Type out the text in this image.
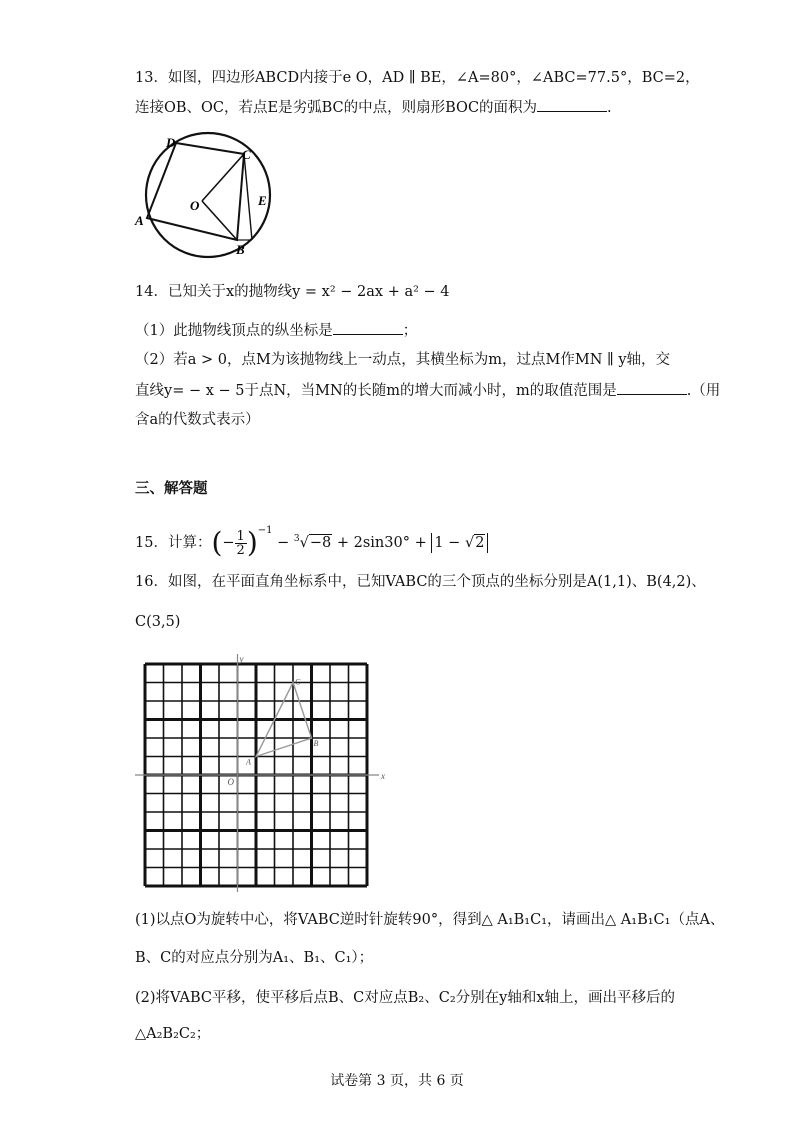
13．如图，四边形ABCD内接于e O，AD ∥ BE，∠A=80°，∠ABC=77.5°，BC=2，
连接OB、OC，若点E是劣弧BC的中点，则扇形BOC的面积为	.
D
C
O	E
A
B
14．已知关于x的抛物线y = x² − 2ax + a² − 4
（1）此抛物线顶点的纵坐标是	；
（2）若a > 0，点M为该抛物线上一动点，其横坐标为m，过点M作MN ∥ y轴，交
直线y= − x − 5于点N，当MN的长随m的增大而减小时，m的取值范围是	.（用
含a的代数式表示）
三、解答题
15．计算：(− $\frac{1}{2} )^{-1} - ^3√-8 + 2\sin 30^\circ + 1 - √2$
16．如图，在平面直角坐标系中，已知VABC的三个顶点的坐标分别是A(1,1)、B(4,2)、
C(3,5)
y
x
O
A
B
C
(1)以点O为旋转中心，将VABC逆时针旋转90°，得到△ A₁B₁C₁，请画出△ A₁B₁C₁（点A、
B、C的对应点分别为A₁、B₁、C₁）；
(2)将VABC平移，使平移后点B、C对应点B₂、C₂分别在y轴和x轴上，画出平移后的
△A₂B₂C₂；
试卷第 3 页，共 6 页
